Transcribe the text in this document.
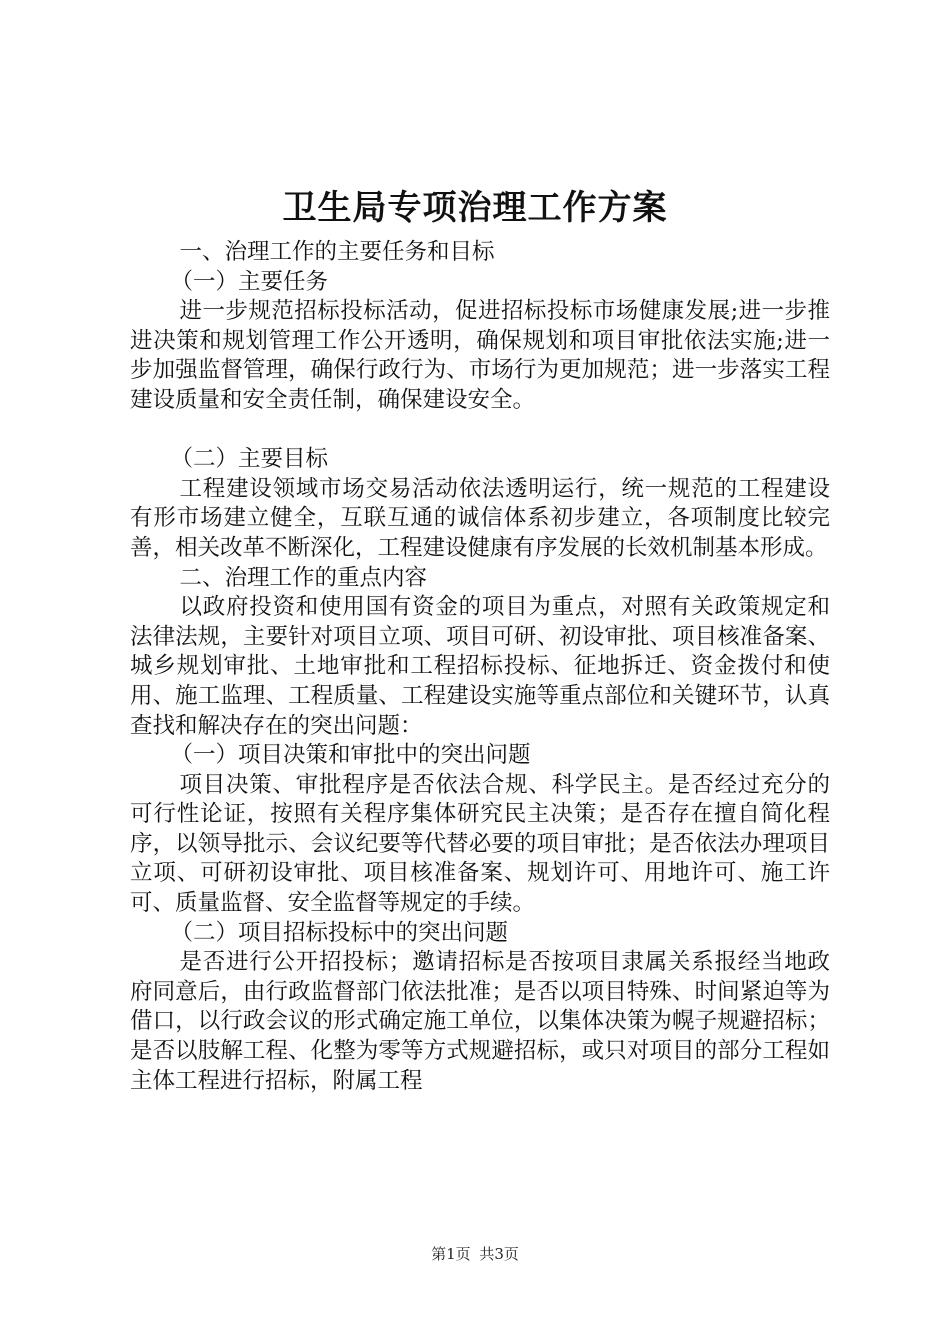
卫生局专项治理工作方案

一、治理工作的主要任务和目标

（一）主要任务

进一步规范招标投标活动，促进招标投标市场健康发展;进一步推进决策和规划管理工作公开透明，确保规划和项目审批依法实施;进一步加强监督管理，确保行政行为、市场行为更加规范；进一步落实工程建设质量和安全责任制，确保建设安全。

（二）主要目标

工程建设领域市场交易活动依法透明运行，统一规范的工程建设有形市场建立健全，互联互通的诚信体系初步建立，各项制度比较完善，相关改革不断深化，工程建设健康有序发展的长效机制基本形成。

二、治理工作的重点内容

以政府投资和使用国有资金的项目为重点，对照有关政策规定和法律法规，主要针对项目立项、项目可研、初设审批、项目核准备案、城乡规划审批、土地审批和工程招标投标、征地拆迁、资金拨付和使用、施工监理、工程质量、工程建设实施等重点部位和关键环节，认真查找和解决存在的突出问题：

（一）项目决策和审批中的突出问题

项目决策、审批程序是否依法合规、科学民主。是否经过充分的可行性论证，按照有关程序集体研究民主决策；是否存在擅自简化程序，以领导批示、会议纪要等代替必要的项目审批；是否依法办理项目立项、可研初设审批、项目核准备案、规划许可、用地许可、施工许可、质量监督、安全监督等规定的手续。

（二）项目招标投标中的突出问题

是否进行公开招投标；邀请招标是否按项目隶属关系报经当地政府同意后，由行政监督部门依法批准；是否以项目特殊、时间紧迫等为借口，以行政会议的形式确定施工单位，以集体决策为幌子规避招标；是否以肢解工程、化整为零等方式规避招标，或只对项目的部分工程如主体工程进行招标，附属工程

第1页 共3页
